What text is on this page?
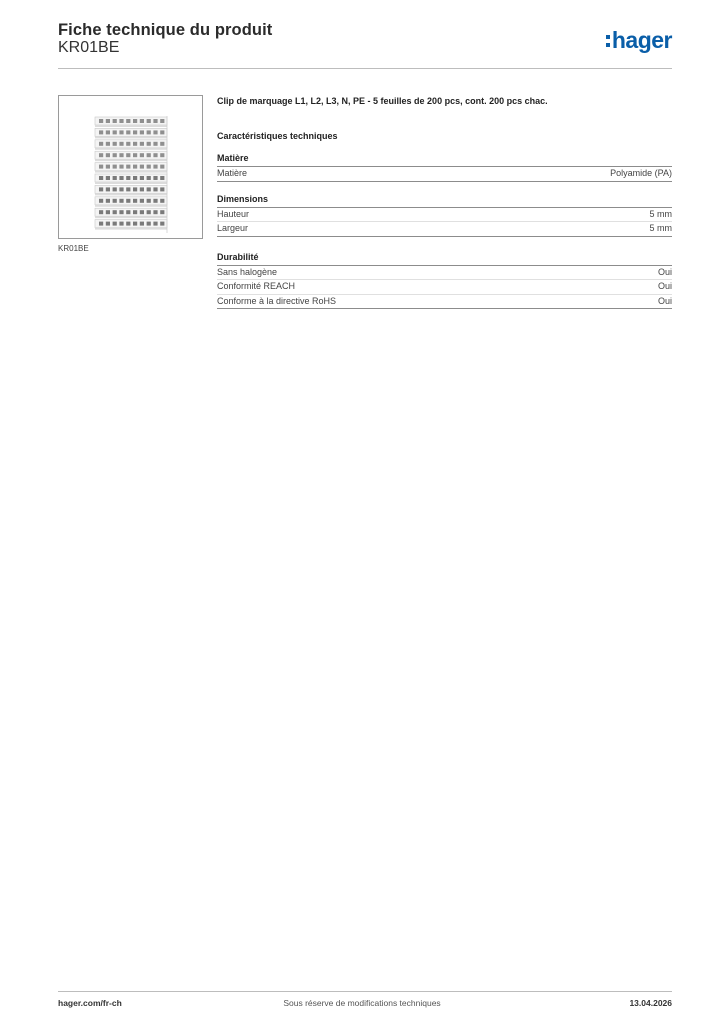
Fiche technique du produit
KR01BE	hager
KR01BE
Clip de marquage L1, L2, L3, N, PE - 5 feuilles de 200 pcs, cont. 200 pcs chac.
Caractéristiques techniques
Matière
Matière	Polyamide (PA)
Dimensions
Hauteur	5 mm
Largeur	5 mm
Durabilité
Sans halogène	Oui
Conformité REACH	Oui
Conforme à la directive RoHS	Oui
hager.com/fr-ch	Sous réserve de modifications techniques	13.04.2026
